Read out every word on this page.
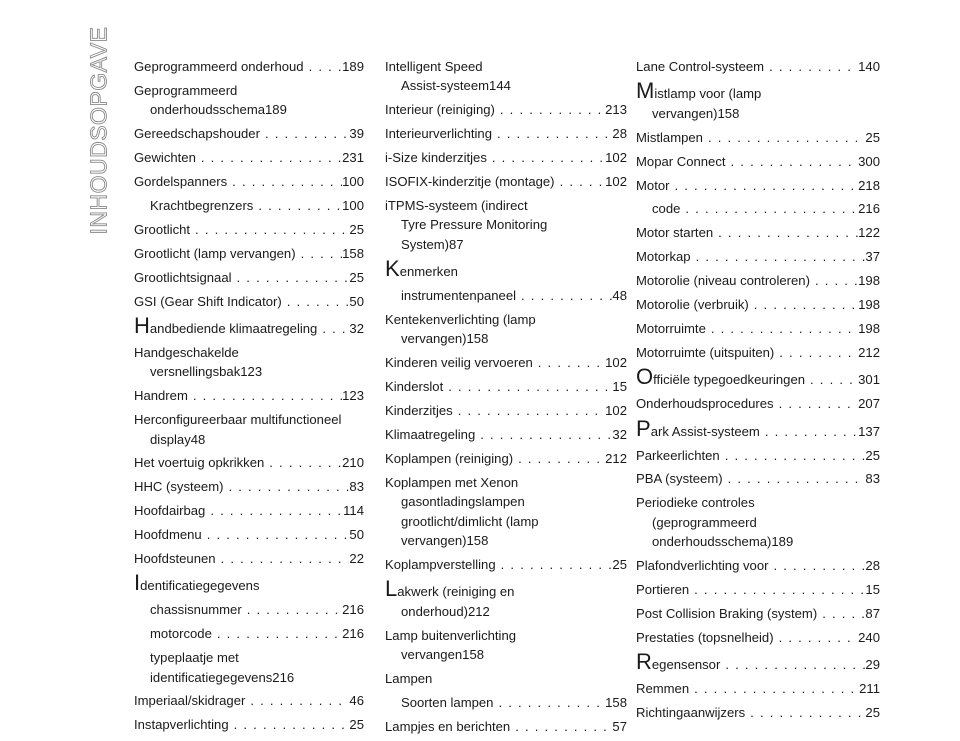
INHOUDSOPGAVE Geprogrammeerd onderhoud . . .	189
Geprogrammeerd
onderhoudsschema 189
Gereedschapshouder . . .	39
Gewichten . . .	231
Gordelspanners . . .	100
Krachtbegrenzers . . .	100
Grootlicht . . .	25
Grootlicht (lamp vervangen) . . .	158
Grootlichtsignaal . . .	25
GSI (Gear Shift Indicator) . . .	50
Handbediende klimaatregeling . . . 32
Handgeschakelde
versnellingsbak 123
Handrem . . .	123
Herconfigureerbaar multifunctioneel
display 48
Het voertuig opkrikken . . .	210
HHC (systeem) . . .	83
Hoofdairbag . . .	114
Hoofdmenu . . .	50
Hoofdsteunen . . .	22
Identificatiegegevens
chassisnummer . . .	216
motorcode . . .	216
typeplaatje met
identificatiegegevens 216
Imperiaal/skidrager . . .	46
Instapverlichting . . .	25
Intelligent Speed
Assist-systeem 144
Interieur (reiniging) . . .	213
Interieurverlichting . . .	28
i-Size kinderzitjes . . .	102
ISOFIX-kinderzitje (montage) . . .	102
iTPMS-systeem (indirect
Tyre Pressure Monitoring
System) 87
Kenmerken
instrumentenpaneel . . .	48
Kentekenverlichting (lamp
vervangen) 158
Kinderen veilig vervoeren . . .	102
Kinderslot . . .	15
Kinderzitjes . . .	102
Klimaatregeling . . .	32
Koplampen (reiniging) . . .	212
Koplampen met Xenon
gasontladingslampen
grootlicht/dimlicht (lamp
vervangen) 158
Koplampverstelling . . .	25
Lakwerk (reiniging en
onderhoud) 212
Lamp buitenverlichting
vervangen 158
Lampen
Soorten lampen . . .	158
Lampjes en berichten . . .	57
Lane Control-systeem . . .	140
Mistlamp voor (lamp
vervangen) 158
Mistlampen . . .	25
Mopar Connect . . .	300
Motor . . .	218
code . . .	216
Motor starten . . .	122
Motorkap . . .	37
Motorolie (niveau controleren) . . .	198
Motorolie (verbruik) . . .	198
Motorruimte . . .	198
Motorruimte (uitspuiten) . . .	212
Officiële typegoedkeuringen . . .	301
Onderhoudsprocedures . . .	207
Park Assist-systeem . . .	137
Parkeerlichten . . .	25
PBA (systeem) . . .	83
Periodieke controles
(geprogrammeerd
onderhoudsschema) 189
Plafondverlichting voor . . .	28
Portieren . . .	15
Post Collision Braking (system) . . .	87
Prestaties (topsnelheid) . . .	240
Regensensor . . .	29
Remmen . . .	211
Richtingaanwijzers . . .	25
